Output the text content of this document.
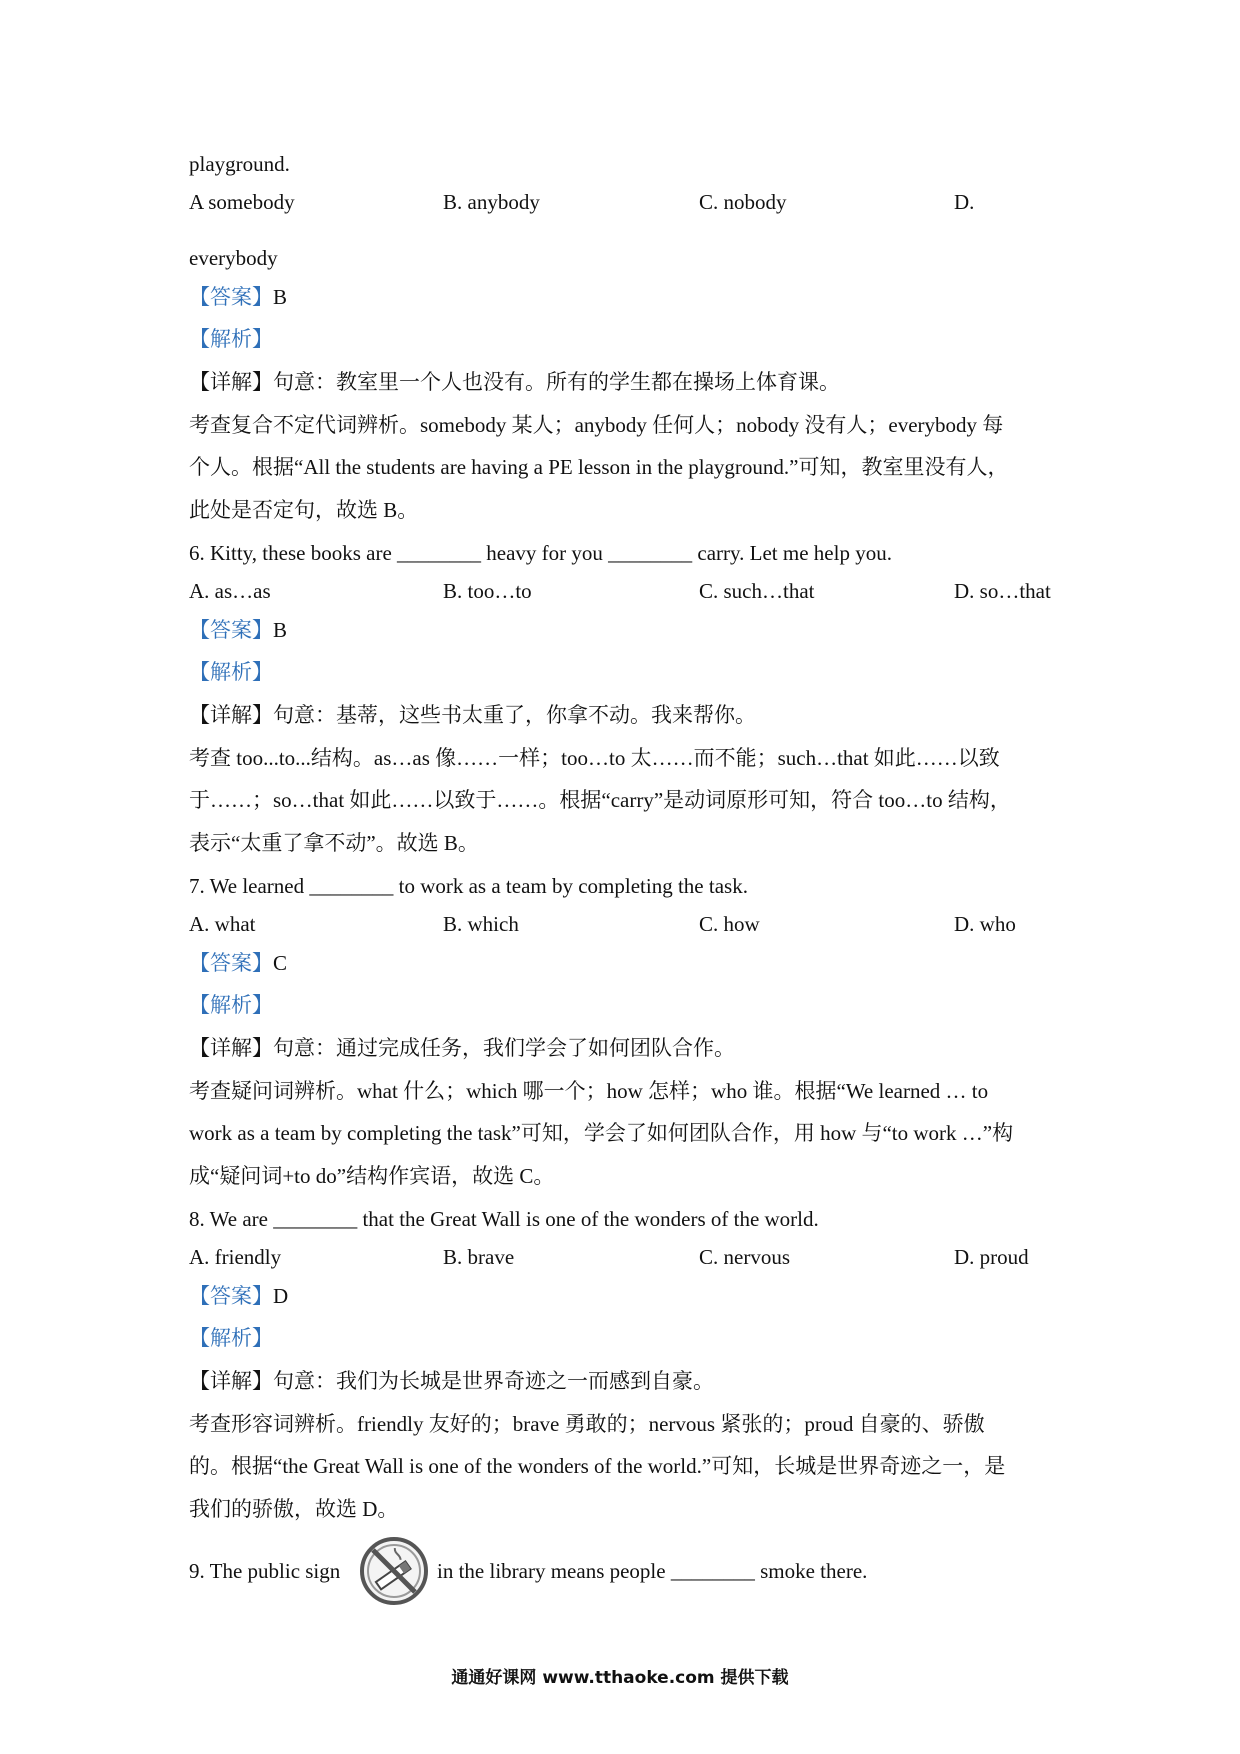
playground.
A somebody	B. anybody	C. nobody	D.
everybody
【答案】B
【解析】
【详解】句意：教室里一个人也没有。所有的学生都在操场上体育课。
考查复合不定代词辨析。somebody 某人；anybody 任何人；nobody 没有人；everybody 每
个人。根据“All the students are having a PE lesson in the playground.”可知，教室里没有人，
此处是否定句，故选 B。
6. Kitty, these books are ________ heavy for you ________ carry. Let me help you.
A. as…as	B. too…to	C. such…that	D. so…that
【答案】B
【解析】
【详解】句意：基蒂，这些书太重了，你拿不动。我来帮你。
考查 too...to...结构。as…as 像……一样；too…to 太……而不能；such…that 如此……以致
于……；so…that 如此……以致于……。根据“carry”是动词原形可知，符合 too…to 结构，
表示“太重了拿不动”。故选 B。
7. We learned ________ to work as a team by completing the task.
A. what	B. which	C. how	D. who
【答案】C
【解析】
【详解】句意：通过完成任务，我们学会了如何团队合作。
考查疑问词辨析。what 什么；which 哪一个；how 怎样；who 谁。根据“We learned … to
work as a team by completing the task”可知，学会了如何团队合作，用 how 与“to work …”构
成“疑问词+to do”结构作宾语，故选 C。
8. We are ________ that the Great Wall is one of the wonders of the world.
A. friendly	B. brave	C. nervous	D. proud
【答案】D
【解析】
【详解】句意：我们为长城是世界奇迹之一而感到自豪。
考查形容词辨析。friendly 友好的；brave 勇敢的；nervous 紧张的；proud 自豪的、骄傲
的。根据“the Great Wall is one of the wonders of the world.”可知，长城是世界奇迹之一，是
我们的骄傲，故选 D。
9. The public sign	in the library means people ________ smoke there.
通通好课网 www.tthaoke.com 提供下载
